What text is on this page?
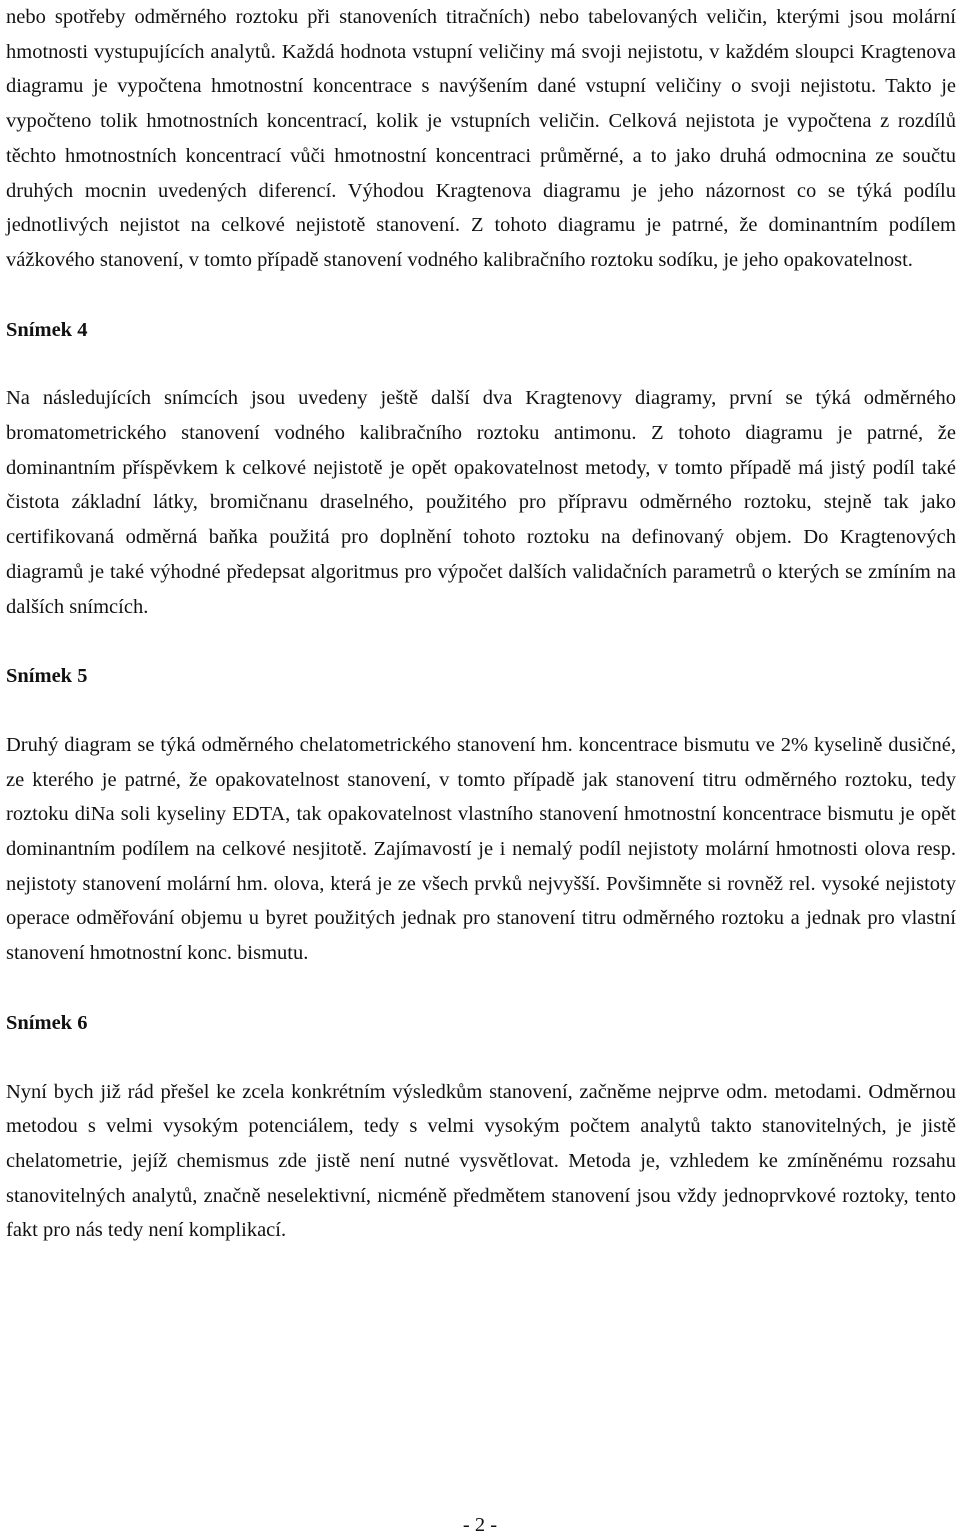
nebo spotřeby odměrného roztoku při stanoveních titračních) nebo tabelovaných veličin, kterými jsou molární hmotnosti vystupujících analytů. Každá hodnota vstupní veličiny má svoji nejistotu, v každém sloupci Kragtenova diagramu je vypočtena hmotnostní koncentrace s navýšením dané vstupní veličiny o svoji nejistotu. Takto je vypočteno tolik hmotnostních koncentrací, kolik je vstupních veličin. Celková nejistota je vypočtena z rozdílů těchto hmotnostních koncentrací vůči hmotnostní koncentraci průměrné, a to jako druhá odmocnina ze součtu druhých mocnin uvedených diferencí. Výhodou Kragtenova diagramu je jeho názornost co se týká podílu jednotlivých nejistot na celkové nejistotě stanovení. Z tohoto diagramu je patrné, že dominantním podílem vážkového stanovení, v tomto případě stanovení vodného kalibračního roztoku sodíku, je jeho opakovatelnost.

Snímek 4

Na následujících snímcích jsou uvedeny ještě další dva Kragtenovy diagramy, první se týká odměrného bromatometrického stanovení vodného kalibračního roztoku antimonu. Z tohoto diagramu je patrné, že dominantním příspěvkem k celkové nejistotě je opět opakovatelnost metody, v tomto případě má jistý podíl také čistota základní látky, bromičnanu draselného, použitého pro přípravu odměrného roztoku, stejně tak jako certifikovaná odměrná baňka použitá pro doplnění tohoto roztoku na definovaný objem. Do Kragtenových diagramů je také výhodné předepsat algoritmus pro výpočet dalších validačních parametrů o kterých se zmíním na dalších snímcích.

Snímek 5

Druhý diagram se týká odměrného chelatometrického stanovení hm. koncentrace bismutu ve 2% kyselině dusičné, ze kterého je patrné, že opakovatelnost stanovení, v tomto případě jak stanovení titru odměrného roztoku, tedy roztoku diNa soli kyseliny EDTA, tak opakovatelnost vlastního stanovení hmotnostní koncentrace bismutu je opět dominantním podílem na celkové nesjitotě. Zajímavostí je i nemalý podíl nejistoty molární hmotnosti olova resp. nejistoty stanovení molární hm. olova, která je ze všech prvků nejvyšší. Povšimněte si rovněž rel. vysoké nejistoty operace odměřování objemu u byret použitých jednak pro stanovení titru odměrného roztoku a jednak pro vlastní stanovení hmotnostní konc. bismutu.

Snímek 6

Nyní bych již rád přešel ke zcela konkrétním výsledkům stanovení, začněme nejprve odm. metodami. Odměrnou metodou s velmi vysokým potenciálem, tedy s velmi vysokým počtem analytů takto stanovitelných, je jistě chelatometrie, jejíž chemismus zde jistě není nutné vysvětlovat. Metoda je, vzhledem ke zmíněnému rozsahu stanovitelných analytů, značně neselektivní, nicméně předmětem stanovení jsou vždy jednoprvkové roztoky, tento fakt pro nás tedy není komplikací.

- 2 -
